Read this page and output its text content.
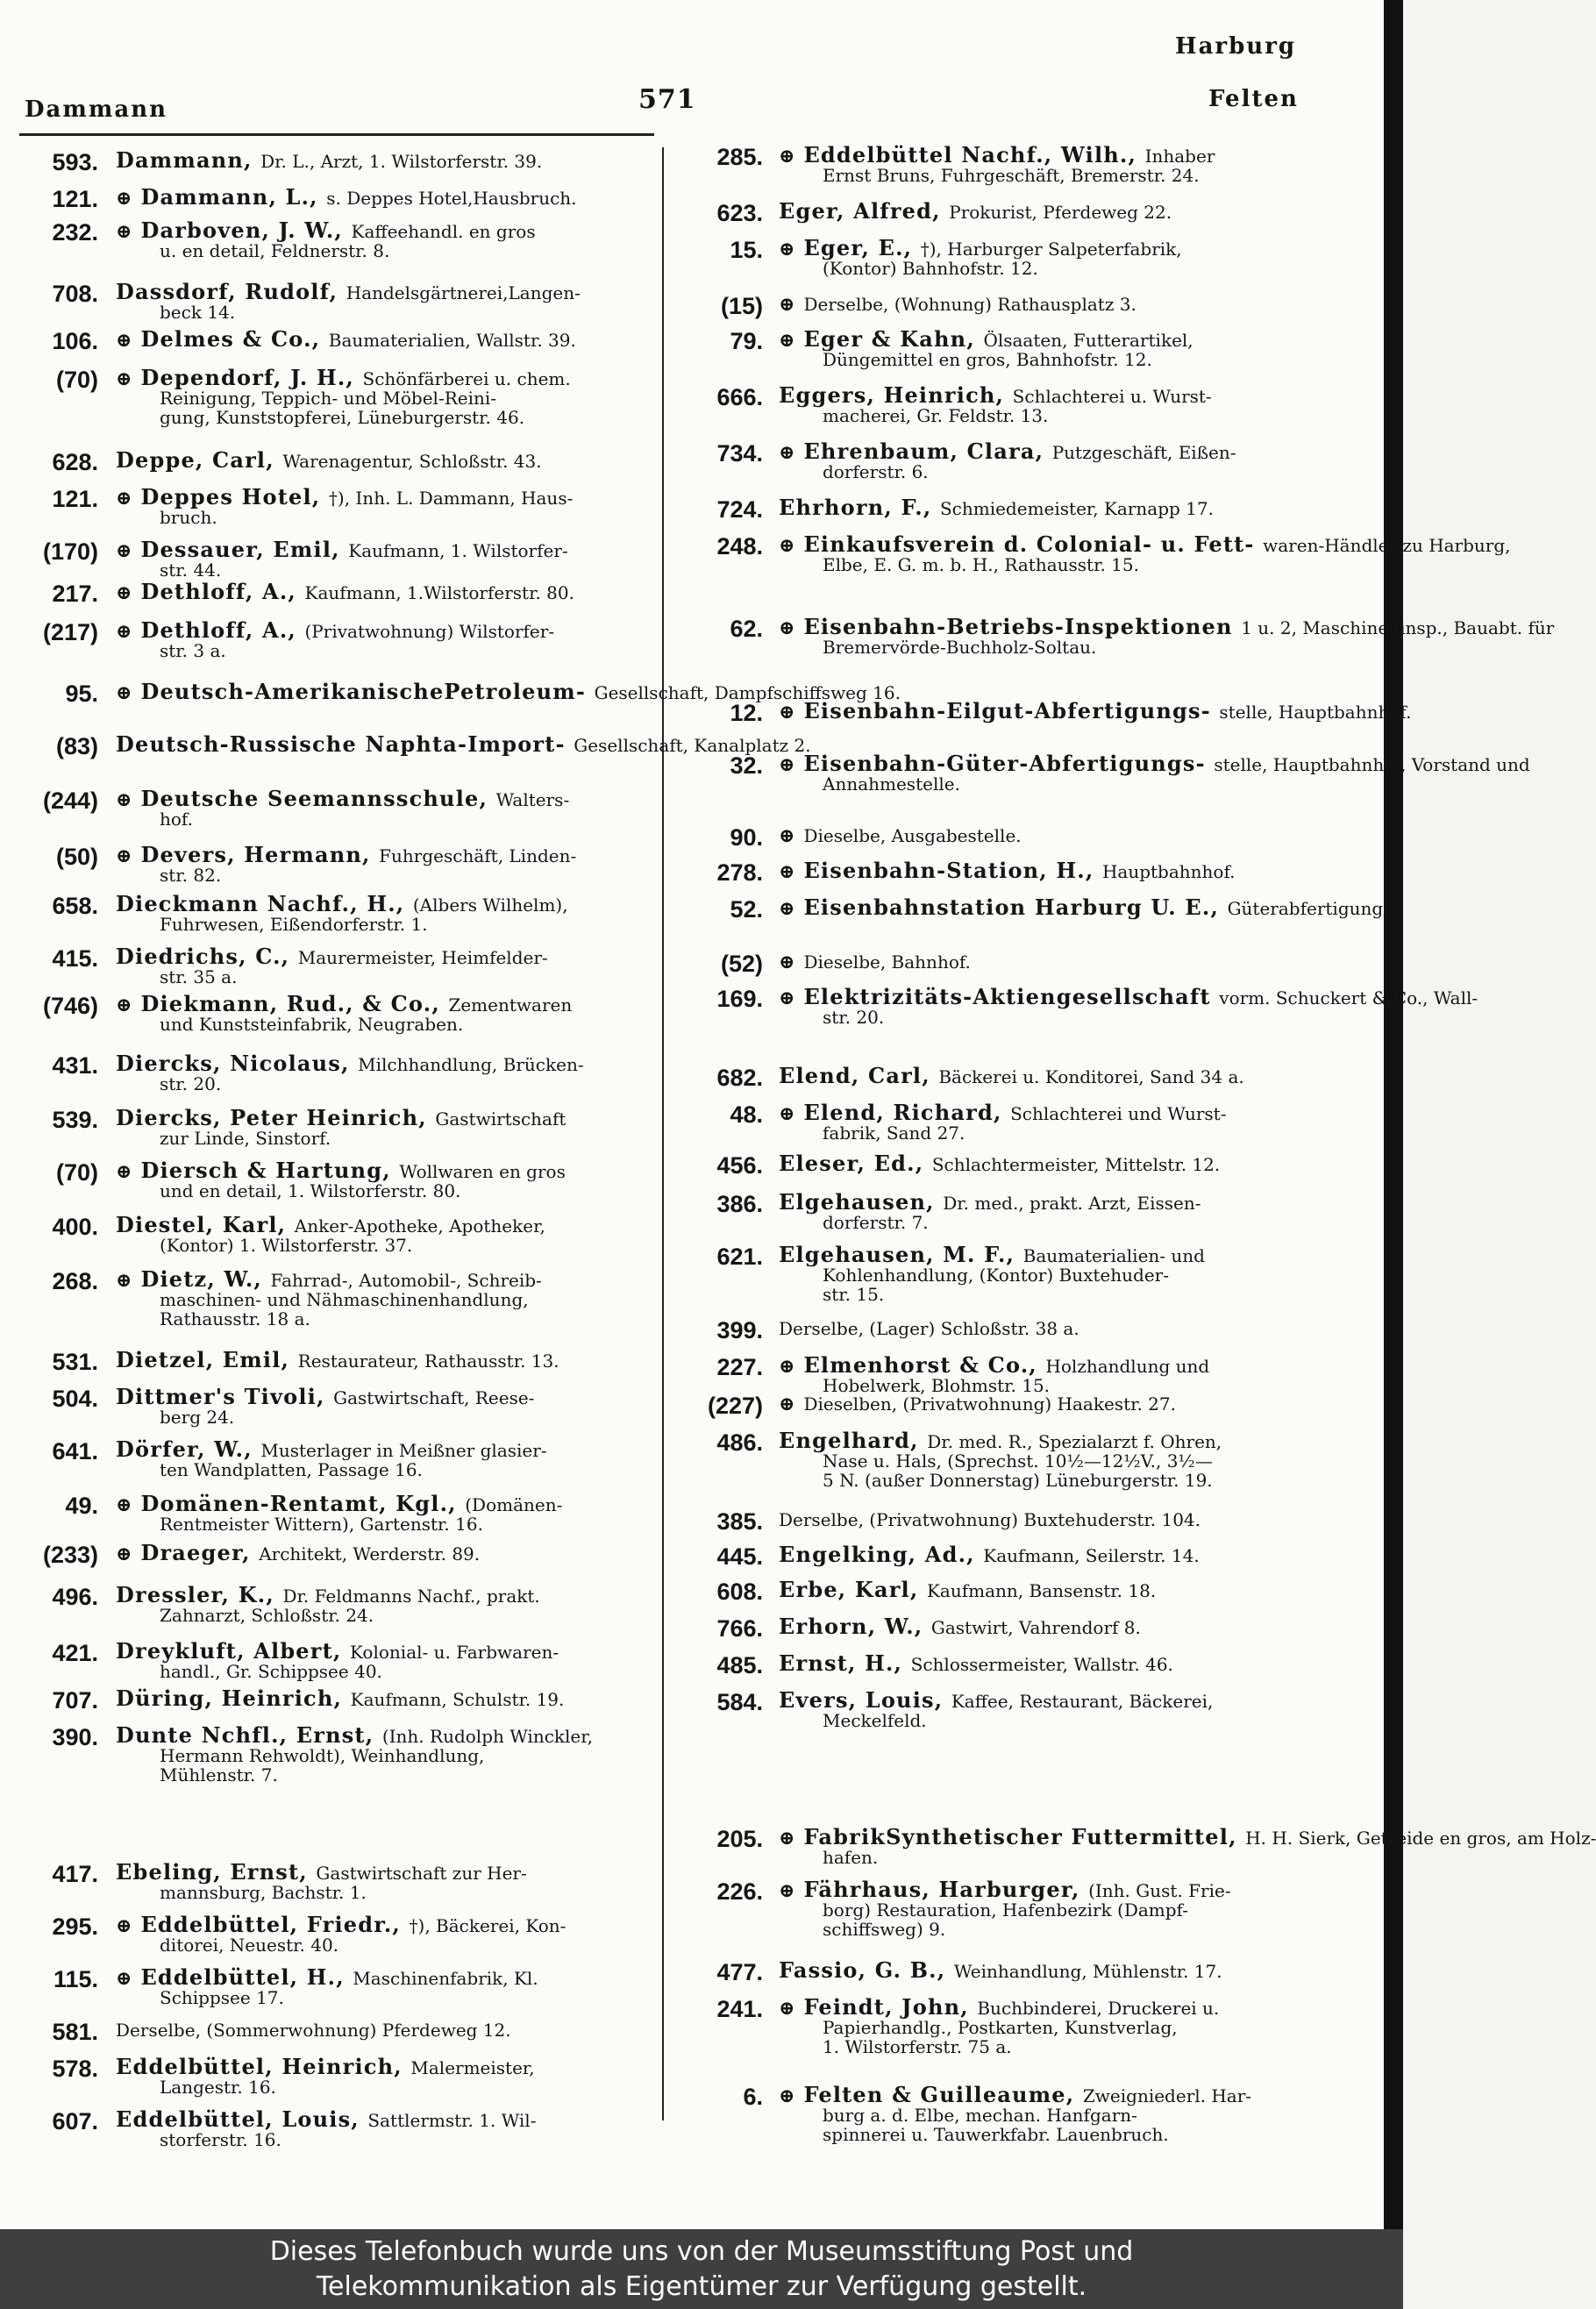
Harburg
Dammann	571	Felten
593. Dammann, Dr. L., Arzt, 1. Wilstorferstr. 39.
121. ⊕ Dammann, L., s. Deppes Hotel,Hausbruch.
232. ⊕ Darboven, J. W., Kaffeehandl. en gros
u. en detail, Feldnerstr. 8.
708. Dassdorf, Rudolf, Handelsgärtnerei,Langen-
beck 14.
106. ⊕ Delmes & Co., Baumaterialien, Wallstr. 39.
(70) ⊕ Dependorf, J. H., Schönfärberei u. chem.
Reinigung, Teppich- und Möbel-Reini-
gung, Kunststopferei, Lüneburgerstr. 46.
628. Deppe, Carl, Warenagentur, Schloßstr. 43.
121. ⊕ Deppes Hotel, †), Inh. L. Dammann, Haus-
bruch.
(170) ⊕ Dessauer, Emil, Kaufmann, 1. Wilstorfer-
str. 44.
217. ⊕ Dethloff, A., Kaufmann, 1.Wilstorferstr. 80.
(217) ⊕ Dethloff, A., (Privatwohnung) Wilstorfer-
str. 3 a.
95. ⊕ Deutsch-AmerikanischePetroleum- Gesellschaft, Dampfschiffsweg 16.
(83) Deutsch-Russische Naphta-Import- Gesellschaft, Kanalplatz 2.
(244) ⊕ Deutsche Seemannsschule, Walters-
hof.
(50) ⊕ Devers, Hermann, Fuhrgeschäft, Linden-
str. 82.
658. Dieckmann Nachf., H., (Albers Wilhelm),
Fuhrwesen, Eißendorferstr. 1.
415. Diedrichs, C., Maurermeister, Heimfelder-
str. 35 a.
(746) ⊕ Diekmann, Rud., & Co., Zementwaren
und Kunststeinfabrik, Neugraben.
431. Diercks, Nicolaus, Milchhandlung, Brücken-
str. 20.
539. Diercks, Peter Heinrich, Gastwirtschaft
zur Linde, Sinstorf.
(70) ⊕ Diersch & Hartung, Wollwaren en gros
und en detail, 1. Wilstorferstr. 80.
400. Diestel, Karl, Anker-Apotheke, Apotheker,
(Kontor) 1. Wilstorferstr. 37.
268. ⊕ Dietz, W., Fahrrad-, Automobil-, Schreib-
maschinen- und Nähmaschinenhandlung,
Rathausstr. 18 a.
531. Dietzel, Emil, Restaurateur, Rathausstr. 13.
504. Dittmer's Tivoli, Gastwirtschaft, Reese-
berg 24.
641. Dörfer, W., Musterlager in Meißner glasier-
ten Wandplatten, Passage 16.
49. ⊕ Domänen-Rentamt, Kgl., (Domänen-
Rentmeister Wittern), Gartenstr. 16.
(233) ⊕ Draeger, Architekt, Werderstr. 89.
496. Dressler, K., Dr. Feldmanns Nachf., prakt.
Zahnarzt, Schloßstr. 24.
421. Dreykluft, Albert, Kolonial- u. Farbwaren-
handl., Gr. Schippsee 40.
707. Düring, Heinrich, Kaufmann, Schulstr. 19.
390. Dunte Nchfl., Ernst, (Inh. Rudolph Winckler,
Hermann Rehwoldt), Weinhandlung,
Mühlenstr. 7.
417. Ebeling, Ernst, Gastwirtschaft zur Her-
mannsburg, Bachstr. 1.
295. ⊕ Eddelbüttel, Friedr., †), Bäckerei, Kon-
ditorei, Neuestr. 40.
115. ⊕ Eddelbüttel, H., Maschinenfabrik, Kl.
Schippsee 17.
581. Derselbe, (Sommerwohnung) Pferdeweg 12.
578. Eddelbüttel, Heinrich, Malermeister,
Langestr. 16.
607. Eddelbüttel, Louis, Sattlermstr. 1. Wil-
storferstr. 16.
285. ⊕ Eddelbüttel Nachf., Wilh., Inhaber
Ernst Bruns, Fuhrgeschäft, Bremerstr. 24.
623. Eger, Alfred, Prokurist, Pferdeweg 22.
15. ⊕ Eger, E., †), Harburger Salpeterfabrik,
(Kontor) Bahnhofstr. 12.
(15) ⊕ Derselbe, (Wohnung) Rathausplatz 3.
79. ⊕ Eger & Kahn, Ölsaaten, Futterartikel,
Düngemittel en gros, Bahnhofstr. 12.
666. Eggers, Heinrich, Schlachterei u. Wurst-
macherei, Gr. Feldstr. 13.
734. ⊕ Ehrenbaum, Clara, Putzgeschäft, Eißen-
dorferstr. 6.
724. Ehrhorn, F., Schmiedemeister, Karnapp 17.
248. ⊕ Einkaufsverein d. Colonial- u. Fett- waren-Händler zu Harburg,
Elbe, E. G. m. b. H., Rathausstr. 15.
62. ⊕ Eisenbahn-Betriebs-Inspektionen 1 u. 2, Maschineninsp., Bauabt. für
Bremervörde-Buchholz-Soltau.
12. ⊕ Eisenbahn-Eilgut-Abfertigungs- stelle, Hauptbahnhof.
32. ⊕ Eisenbahn-Güter-Abfertigungs- stelle, Hauptbahnhof, Vorstand und
Annahmestelle.
90. ⊕ Dieselbe, Ausgabestelle.
278. ⊕ Eisenbahn-Station, H., Hauptbahnhof.
52. ⊕ Eisenbahnstation Harburg U. E., Güterabfertigung.
(52) ⊕ Dieselbe, Bahnhof.
169. ⊕ Elektrizitäts-Aktiengesellschaft vorm. Schuckert & Co., Wall-
str. 20.
682. Elend, Carl, Bäckerei u. Konditorei, Sand 34 a.
48. ⊕ Elend, Richard, Schlachterei und Wurst-
fabrik, Sand 27.
456. Eleser, Ed., Schlachtermeister, Mittelstr. 12.
386. Elgehausen, Dr. med., prakt. Arzt, Eissen-
dorferstr. 7.
621. Elgehausen, M. F., Baumaterialien- und
Kohlenhandlung, (Kontor) Buxtehuder-
str. 15.
399. Derselbe, (Lager) Schloßstr. 38 a.
227. ⊕ Elmenhorst & Co., Holzhandlung und
Hobelwerk, Blohmstr. 15.
(227) ⊕ Dieselben, (Privatwohnung) Haakestr. 27.
486. Engelhard, Dr. med. R., Spezialarzt f. Ohren,
Nase u. Hals, (Sprechst. 10½—12½V., 3½—
5 N. (außer Donnerstag) Lüneburgerstr. 19.
385. Derselbe, (Privatwohnung) Buxtehuderstr. 104.
445. Engelking, Ad., Kaufmann, Seilerstr. 14.
608. Erbe, Karl, Kaufmann, Bansenstr. 18.
766. Erhorn, W., Gastwirt, Vahrendorf 8.
485. Ernst, H., Schlossermeister, Wallstr. 46.
584. Evers, Louis, Kaffee, Restaurant, Bäckerei,
Meckelfeld.
205. ⊕ FabrikSynthetischer Futtermittel, H. H. Sierk, Getreide en gros, am Holz-
hafen.
226. ⊕ Fährhaus, Harburger, (Inh. Gust. Frie-
borg) Restauration, Hafenbezirk (Dampf-
schiffsweg) 9.
477. Fassio, G. B., Weinhandlung, Mühlenstr. 17.
241. ⊕ Feindt, John, Buchbinderei, Druckerei u.
Papierhandlg., Postkarten, Kunstverlag,
1. Wilstorferstr. 75 a.
6. ⊕ Felten & Guilleaume, Zweigniederl. Har-
burg a. d. Elbe, mechan. Hanfgarn-
spinnerei u. Tauwerkfabr. Lauenbruch.
Dieses Telefonbuch wurde uns von der Museumsstiftung Post und
Telekommunikation als Eigentümer zur Verfügung gestellt.
